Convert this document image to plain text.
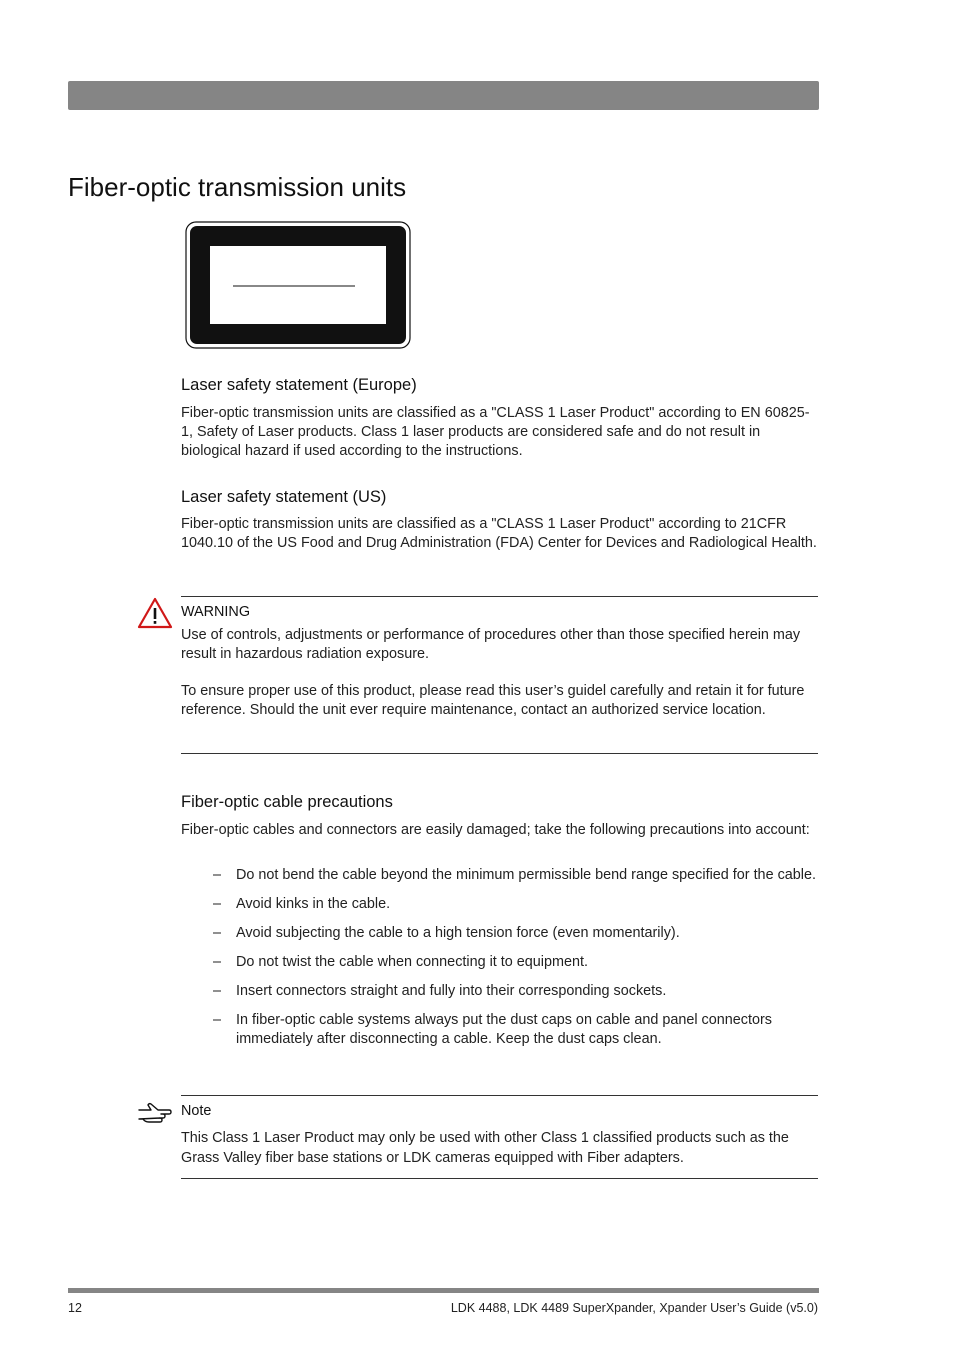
Fiber-optic transmission units
Laser safety statement (Europe)

Fiber-optic transmission units are classified as a "CLASS 1 Laser Product" according to EN 60825-1, Safety of Laser products. Class 1 laser products are considered safe and do not result in biological hazard if used according to the instructions.

Laser safety statement (US)

Fiber-optic transmission units are classified as a "CLASS 1 Laser Product" according to 21CFR 1040.10 of the US Food and Drug Administration (FDA) Center for Devices and Radiological Health.

WARNING

Use of controls, adjustments or performance of procedures other than those specified herein may result in hazardous radiation exposure.

To ensure proper use of this product, please read this user’s guidel carefully and retain it for future reference. Should the unit ever require maintenance, contact an authorized service location.

Fiber-optic cable precautions

Fiber-optic cables and connectors are easily damaged; take the following precautions into account:

– Do not bend the cable beyond the minimum permissible bend range specified for the cable.
– Avoid kinks in the cable.
– Avoid subjecting the cable to a high tension force (even momentarily).
– Do not twist the cable when connecting it to equipment.
– Insert connectors straight and fully into their corresponding sockets.
– In fiber-optic cable systems always put the dust caps on cable and panel connectors immediately after disconnecting a cable. Keep the dust caps clean.
Note

This Class 1 Laser Product may only be used with other Class 1 classified products such as the Grass Valley fiber base stations or LDK cameras equipped with Fiber adapters.

12	LDK 4488, LDK 4489 SuperXpander, Xpander User’s Guide (v5.0)
